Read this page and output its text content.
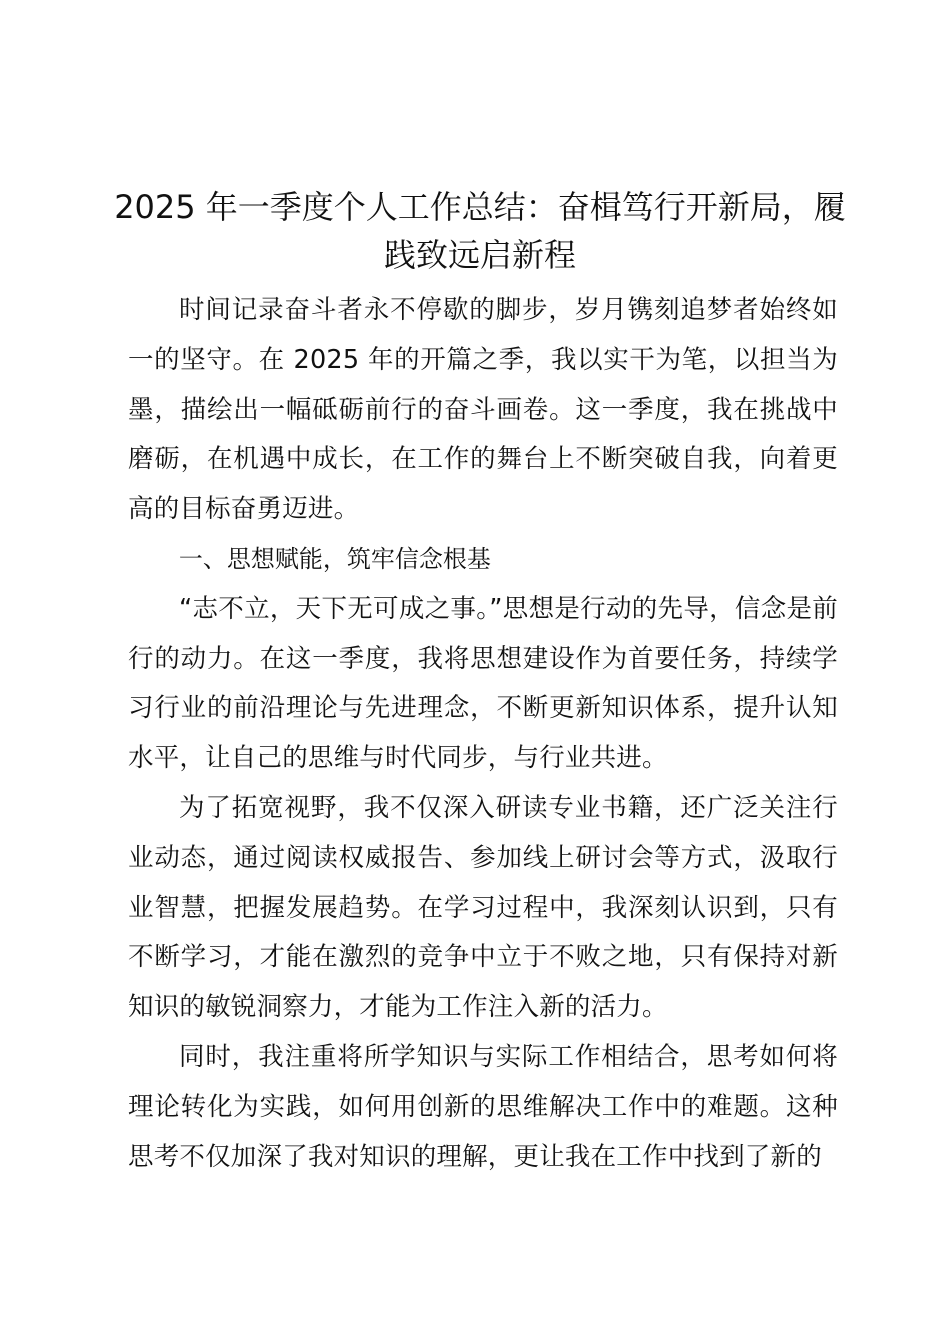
2025 年一季度个人工作总结：奋楫笃行开新局，履践致远启新程

时间记录奋斗者永不停歇的脚步，岁月镌刻追梦者始终如一的坚守。在 2025 年的开篇之季，我以实干为笔，以担当为墨，描绘出一幅砥砺前行的奋斗画卷。这一季度，我在挑战中磨砺，在机遇中成长，在工作的舞台上不断突破自我，向着更高的目标奋勇迈进。

一、思想赋能，筑牢信念根基

“志不立，天下无可成之事。”思想是行动的先导，信念是前行的动力。在这一季度，我将思想建设作为首要任务，持续学习行业的前沿理论与先进理念，不断更新知识体系，提升认知水平，让自己的思维与时代同步，与行业共进。

为了拓宽视野，我不仅深入研读专业书籍，还广泛关注行业动态，通过阅读权威报告、参加线上研讨会等方式，汲取行业智慧，把握发展趋势。在学习过程中，我深刻认识到，只有不断学习，才能在激烈的竞争中立于不败之地，只有保持对新知识的敏锐洞察力，才能为工作注入新的活力。

同时，我注重将所学知识与实际工作相结合，思考如何将理论转化为实践，如何用创新的思维解决工作中的难题。这种思考不仅加深了我对知识的理解，更让我在工作中找到了新的
